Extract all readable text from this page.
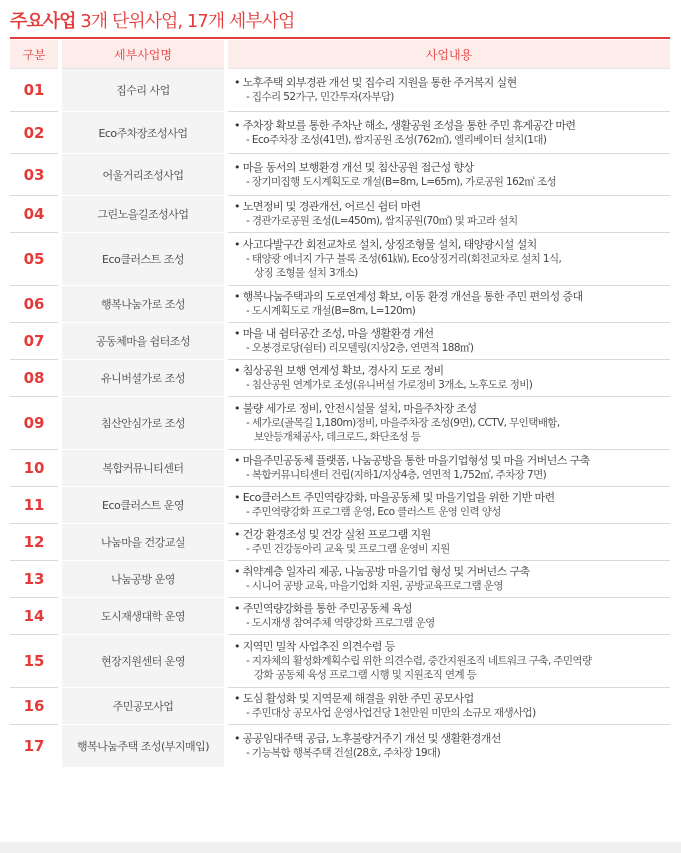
주요사업 3개 단위사업, 17개 세부사업
구분	세부사업명	사업내용
01	집수리 사업	• 노후주택 외부경관 개선 및 집수리 지원을 통한 주거복지 실현
- 집수리 52가구, 민간투자(자부담)

02	Eco주차장조성사업	• 주차장 확보를 통한 주차난 해소, 생활공원 조성을 통한 주민 휴게공간 마련
- Eco주차장 조성(41면), 쌈지공원 조성(762㎡), 엘리베이터 설치(1대)

03	어울거리조성사업	• 마을 동서의 보행환경 개선 및 침산공원 접근성 향상
- 장기미집행 도시계획도로 개설(B=8m, L=65m), 가로공원 162㎡ 조성

04	그린노을길조성사업	• 노면정비 및 경관개선, 어르신 쉼터 마련
- 경관가로공원 조성(L=450m), 쌈지공원(70㎡) 및 파고라 설치

05	Eco클러스트 조성	• 사고다발구간 회전교차로 설치, 상징조형물 설치, 태양광시설 설치
- 태양광 에너지 가구 블록 조성(61㎾), Eco상징거리(회전교차로 설치 1식,
상징 조형물 설치 3개소)

06	행복나눔가로 조성	• 행복나눔주택과의 도로연계성 확보, 이동 환경 개선을 통한 주민 편의성 증대
- 도시계획도로 개설(B=8m, L=120m)

07	공동체마을 쉼터조성	• 마을 내 쉼터공간 조성, 마을 생활환경 개선
- 오봉경로당(쉼터) 리모델링(지상2층, 연면적 188㎡)

08	유니버셜가로 조성	• 침상공원 보행 연계성 확보, 경사지 도로 정비
- 침산공원 연계가로 조성(유니버설 가로정비 3개소, 노후도로 정비)

09	침산안심가로 조성	• 불량 세가로 정비, 안전시설물 설치, 마을주차장 조성
- 세가로(골목길 1,180m)정비, 마을주차장 조성(9면), CCTV, 무인택배함,
보안등개체공사, 데크로드, 화단조성 등

10	복합커뮤니티센터	• 마을주민공동체 플랫폼, 나눔공방을 통한 마을기업형성 및 마을 거버넌스 구축
- 복합커뮤니티센터 건립(지하1/지상4층, 연면적 1,752㎡, 주차장 7면)

11	Eco클러스트 운영	• Eco클러스트 주민역량강화, 마을공동체 및 마을기업을 위한 기반 마련
- 주민역량강화 프로그램 운영, Eco 클러스트 운영 인력 양성

12	나눔마을 건강교실	• 건강 환경조성 및 건강 실천 프로그램 지원
- 주민 건강동아리 교육 및 프로그램 운영비 지원

13	나눔공방 운영	• 취약계층 일자리 제공, 나눔공방 마을기업 형성 및 거버넌스 구축
- 시니어 공방 교육, 마을기업화 지원, 공방교육프로그램 운영

14	도시재생대학 운영	• 주민역량강화를 통한 주민공동체 육성
- 도시재생 참여주체 역량강화 프로그램 운영

15	현장지원센터 운영	• 지역민 밀착 사업추진 의견수렴 등
- 지자체의 활성화계획수립 위한 의견수렴, 중간지원조직 네트워크 구축, 주민역량
강화 공동체 육성 프로그램 시행 및 지원조직 연계 등

16	주민공모사업	• 도심 활성화 및 지역문제 해결을 위한 주민 공모사업
- 주민대상 공모사업 운영사업건당 1천만원 미만의 소규모 재생사업)

17	행복나눔주택 조성(부지매입)	• 공공임대주택 공급, 노후불량거주기 개선 및 생활환경개선
- 기능복합 행복주택 건설(28호, 주차장 19대)
